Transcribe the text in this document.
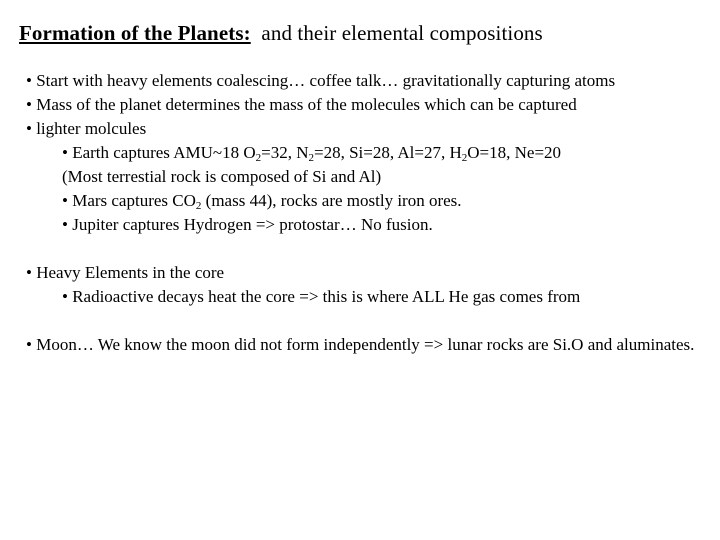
Formation of the Planets: and their elemental compositions
• Start with heavy elements coalescing… coffee talk… gravitationally capturing atoms
• Mass of the planet determines the mass of the molecules which can be captured
• lighter molcules
• Earth captures AMU~18 $O_2=32$, $N_2=28$, Si=28, Al=27, $H_2O=18$, Ne=20
(Most terrestial rock is composed of Si and Al)
• Mars captures $CO_2$ (mass 44), rocks are mostly iron ores.
• Jupiter captures Hydrogen => protostar… No fusion.
• Heavy Elements in the core
• Radioactive decays heat the core => this is where ALL He gas comes from
• Moon… We know the moon did not form independently => lunar rocks are Si.O and aluminates.
